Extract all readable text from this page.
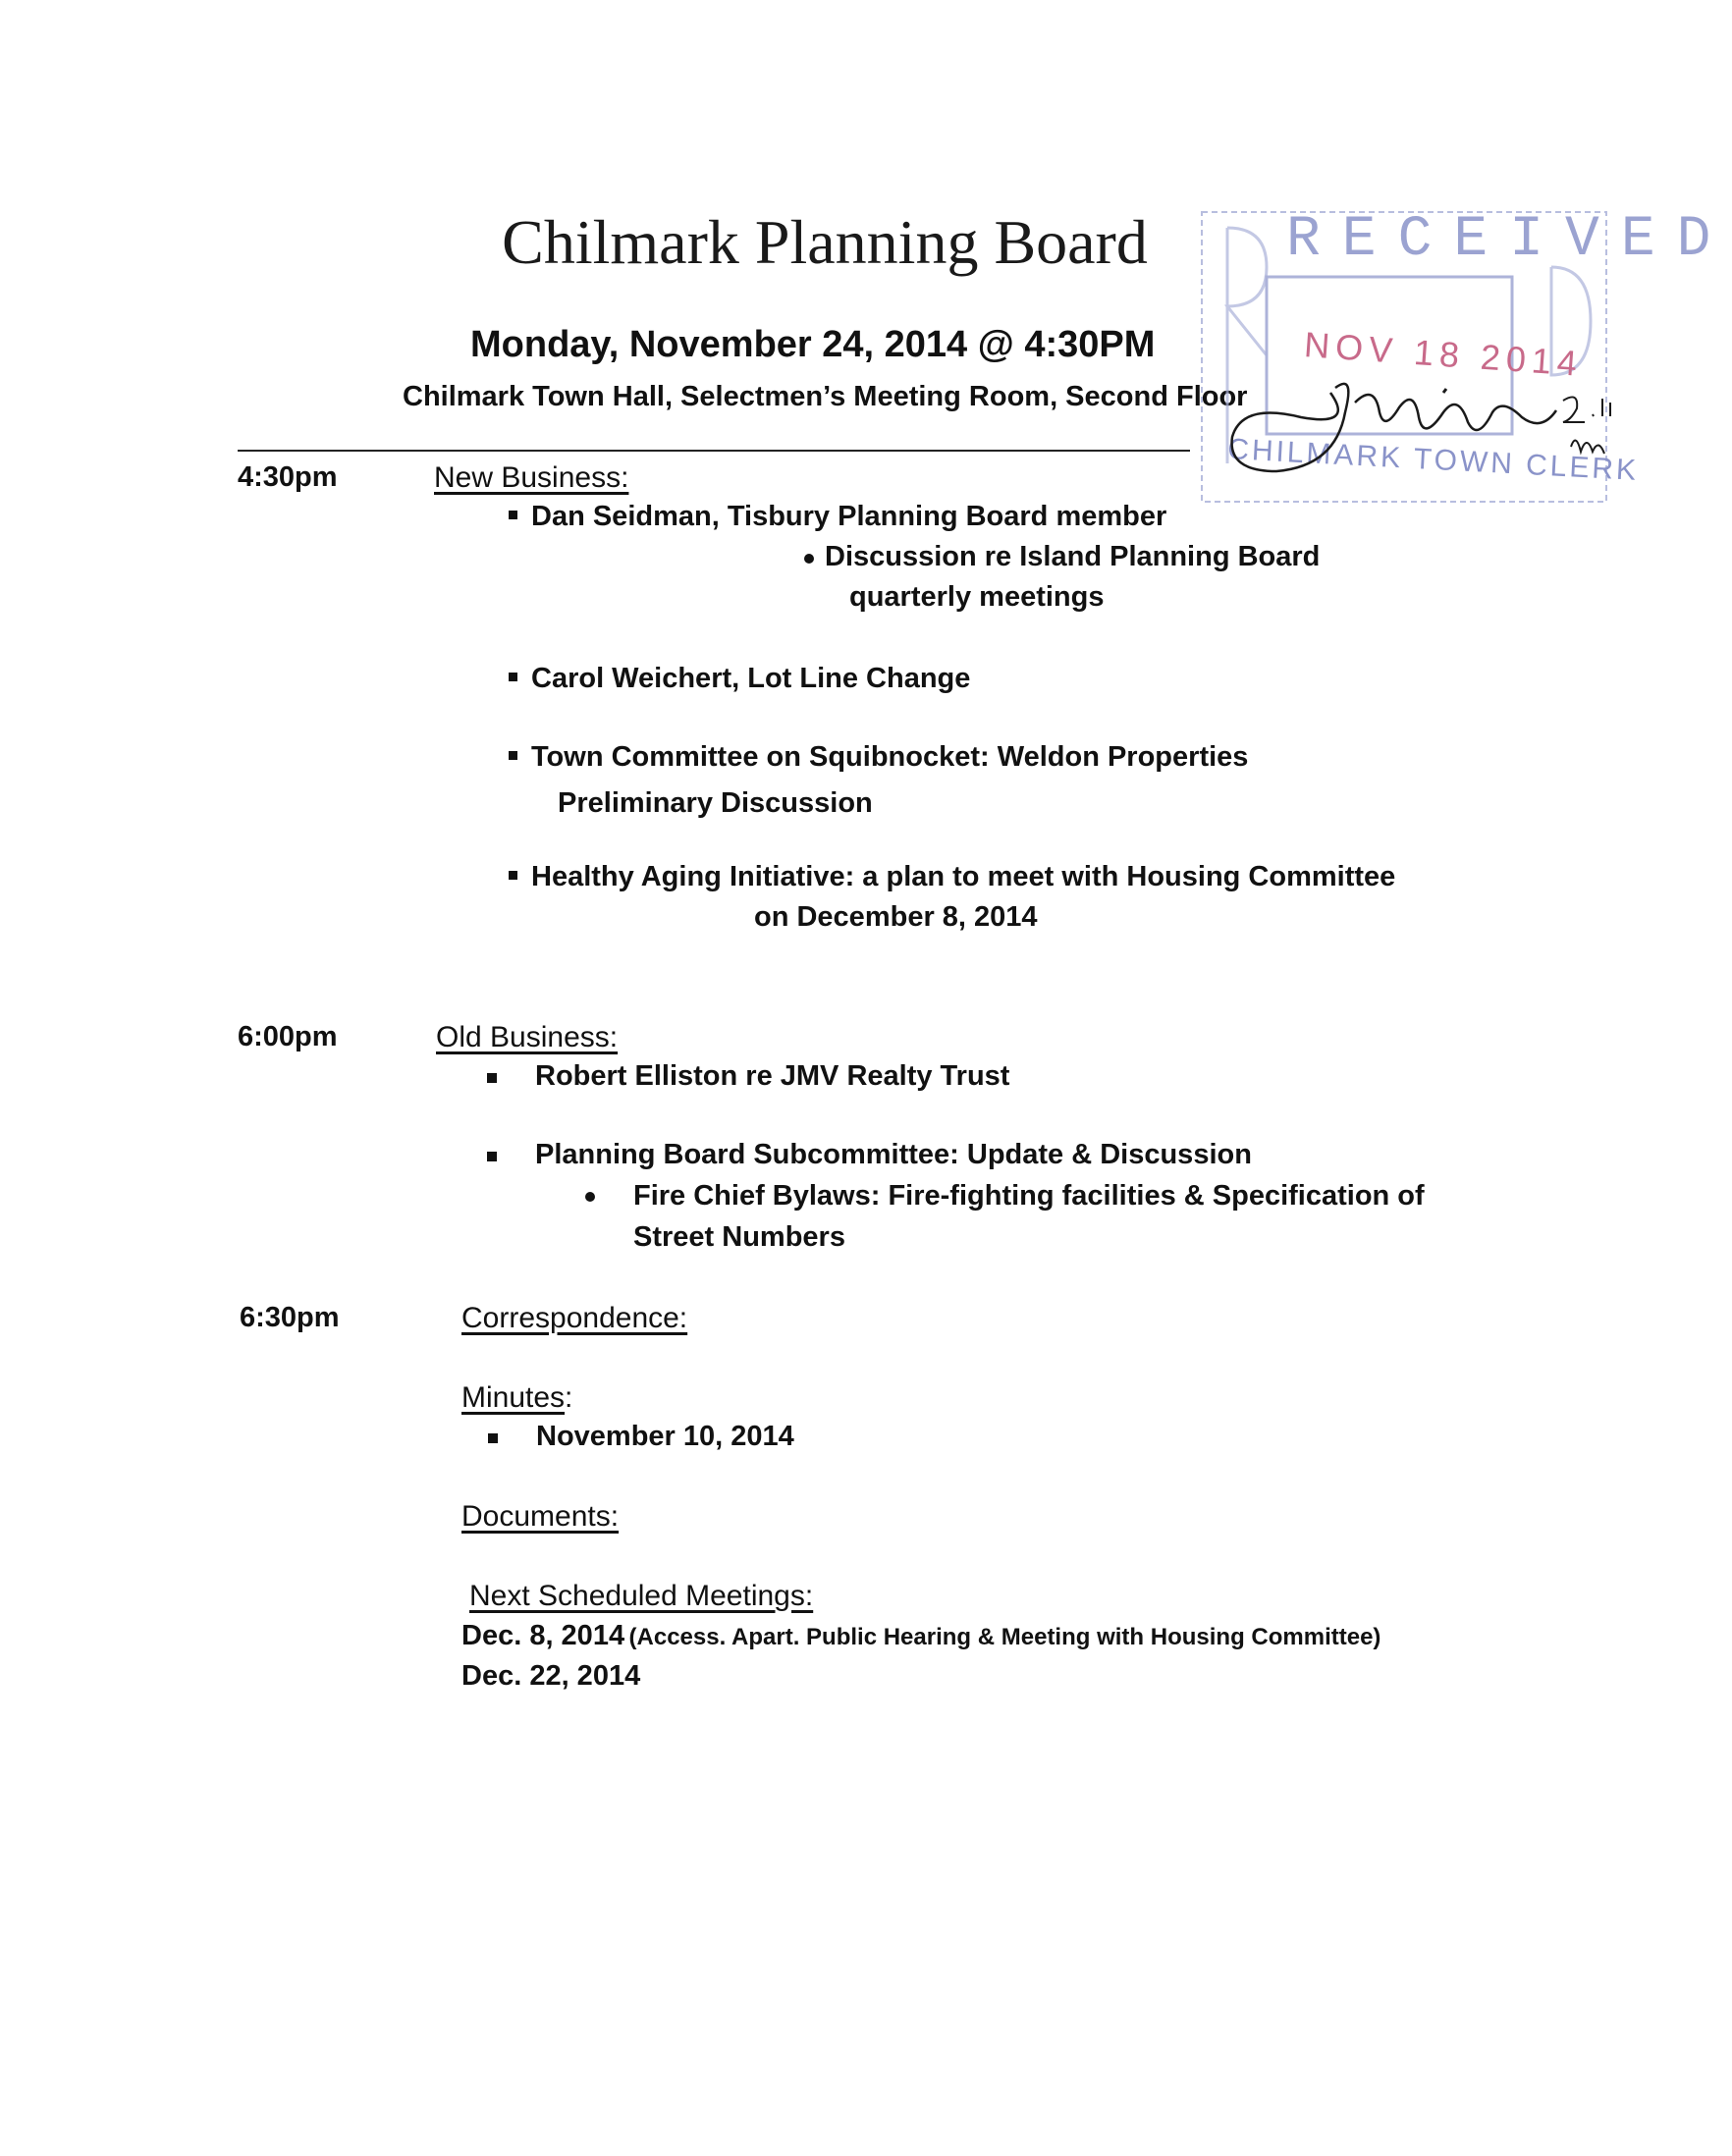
Chilmark Planning Board
Monday, November 24, 2014 @ 4:30PM
Chilmark Town Hall, Selectmen’s Meeting Room, Second Floor
RECEIVED
NOV 18 2014
CHILMARK TOWN CLERK
4:30pm	New Business:
Dan Seidman, Tisbury Planning Board member
Discussion re Island Planning Board
quarterly meetings
Carol Weichert, Lot Line Change
Town Committee on Squibnocket: Weldon Properties
Preliminary Discussion
Healthy Aging Initiative: a plan to meet with Housing Committee
on December 8, 2014
6:00pm	Old Business:
Robert Elliston re JMV Realty Trust
Planning Board Subcommittee: Update & Discussion
Fire Chief Bylaws: Fire-fighting facilities & Specification of
Street Numbers
6:30pm	Correspondence:
Minutes:
November 10, 2014
Documents:
Next Scheduled Meetings:
Dec. 8, 2014 (Access. Apart. Public Hearing & Meeting with Housing Committee)
Dec. 22, 2014
